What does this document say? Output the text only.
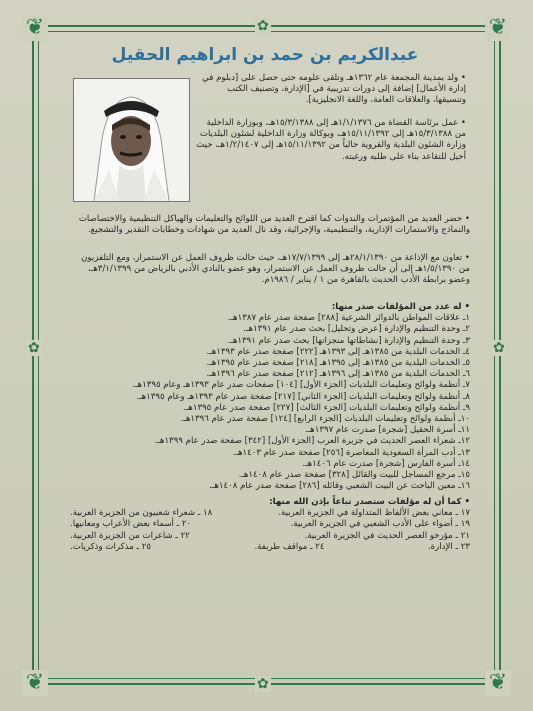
❦	❦
❦	❦
✿
✿
✿	✿
عبدالكريم بن حمد بن ابراهيم الحقيل
• ولد بمدينة المجمعة عام ١٣٦٢هـ وتلقى علومه حتى حصل على [دبلوم في إدارة الأعمال] إضافة إلى دورات تدريبية في [الإدارة، وتصنيف الكتب وتنسيقها، والعلاقات العامة، واللغة الانجليزية].
• عمل برئاسة القضاة من ١/١/١٣٧٦هـ إلى ١٥/٣/١٣٨٨هـ، وبوزارة الداخلية من ١٥/٣/١٣٨٨هـ إلى ١٥/١١/١٣٩٢هـ، وبوكالة وزارة الداخلية لشئون البلديات وزارة الشئون البلدية والقروية حالياً من ١٥/١١/١٣٩٢هـ إلى ١/٢/١٤٠٧هـ، حيث أحيل للتقاعد بناء على طلبه ورغبته.
• حضر العديد من المؤتمرات والندوات كما اقترح العديد من اللوائح والتعليمات والهياكل التنظيمية والاختصاصات والنماذج والاستمارات الإدارية، والتنظيمية، والإجرائية، وقد نال العديد من شهادات وخطابات التقدير والتشجيع.
• تعاون مع الإذاعة من ٢٨/١/١٣٩٠هـ إلى ١٧/٧/١٣٩٩هـ، حيث حالت ظروف العمل عن الاستمرار، ومع التلفزيون من ١/٥/١٣٩٠هـ إلى أن حالت ظروف العمل عن الاستمرار، وهو عضو بالنادي الأدبي بالرياض من ٣/١/١٣٩٩هـ، وعضو برابطة الأدب الحديث بالقاهرة من ١ / يناير / ١٩٨٦م.
• له عدد من المؤلفات صدر منها:
١ـ علاقات المواطن بالدوائر الشرعية [٢٨٨] صفحة صدر عام ١٣٨٧هـ.
٢ـ وحدة التنظيم والإدارة [عرض وتحليل] بحث صدر عام ١٣٩١هـ.
٣ـ وحدة التنظيم والإدارة [نشاطاتها منجزاتها] بحث صدر عام ١٣٩١هـ.
٤ـ الخدمات البلدية من ١٣٨٥هـ إلى ١٣٩٣هـ [٢٢٢] صفحة صدر عام ١٣٩٣هـ.
٥ـ الخدمات البلدية من ١٣٨٥هـ إلى ١٣٩٥هـ [٢١٨] صفحة صدر عام ١٣٩٥هـ.
٦ـ الخدمات البلدية من ١٣٨٥هـ إلى ١٣٩٦هـ [٢١٢] صفحة صدر عام ١٣٩٦هـ.
٧ـ أنظمة ولوائح وتعليمات البلديات [الجزء الأول] [١٠٤] صفحات صدر عام ١٣٩٣هـ وعام ١٣٩٥هـ.
٨ـ أنظمة ولوائح وتعليمات البلديات [الجزء الثاني] [٢١٧] صفحة صدر عام ١٣٩٣هـ وعام ١٣٩٥هـ.
٩ـ أنظمة ولوائح وتعليمات البلديات [الجزء الثالث] [٢٢٧] صفحة صدر عام ١٣٩٥هـ.
١٠ـ أنظمة ولوائح وتعليمات البلديات [الجزء الرابع] [١٢٤] صفحة صدر عام ١٣٩٦هـ.
١١ـ أسرة الحقيل [شجرة] صدرت عام ١٣٩٧هـ.
١٢ـ شعراء العصر الحديث في جزيرة العرب [الجزء الأول] [٣٤٢] صفحة صدر عام ١٣٩٩هـ.
١٣ـ أدب المرأة السعودية المعاصرة [٢٥٦] صفحة صدر عام ١٤٠٣هـ.
١٤ـ أسرة الفارس [شجرة] صدرت عام ١٤٠٦هـ.
١٥ـ مرجع المساجل للبيت والقائل [٣٢٨] صفحة صدر عام ١٤٠٨هـ.
١٦ـ معين الباحث عن البيت الشعبي وقائله [٢٨٦] صفحة صدر عام ١٤٠٨هـ.
• كما أن له مؤلفات ستصدر تباعاً بإذن الله منها:
١٧ ـ معاني بعض الألفاظ المتداولة في الجزيرة العربية.
١٨ ـ شعراء شعبيون من الجزيرة العربية.
١٩ ـ أضواء على الأدب الشعبي في الجزيرة العربية.
٢٠ ـ أسماء بعض الأعراب ومعانيها.
٢١ ـ مؤرخو العصر الحديث في الجزيرة العربية.
٢٢ ـ شاعرات من الجزيرة العربية.
٢٣ ـ الإدارة.
٢٤ ـ مواقف طريفة.
٢٥ ـ مذكرات وذكريات.
